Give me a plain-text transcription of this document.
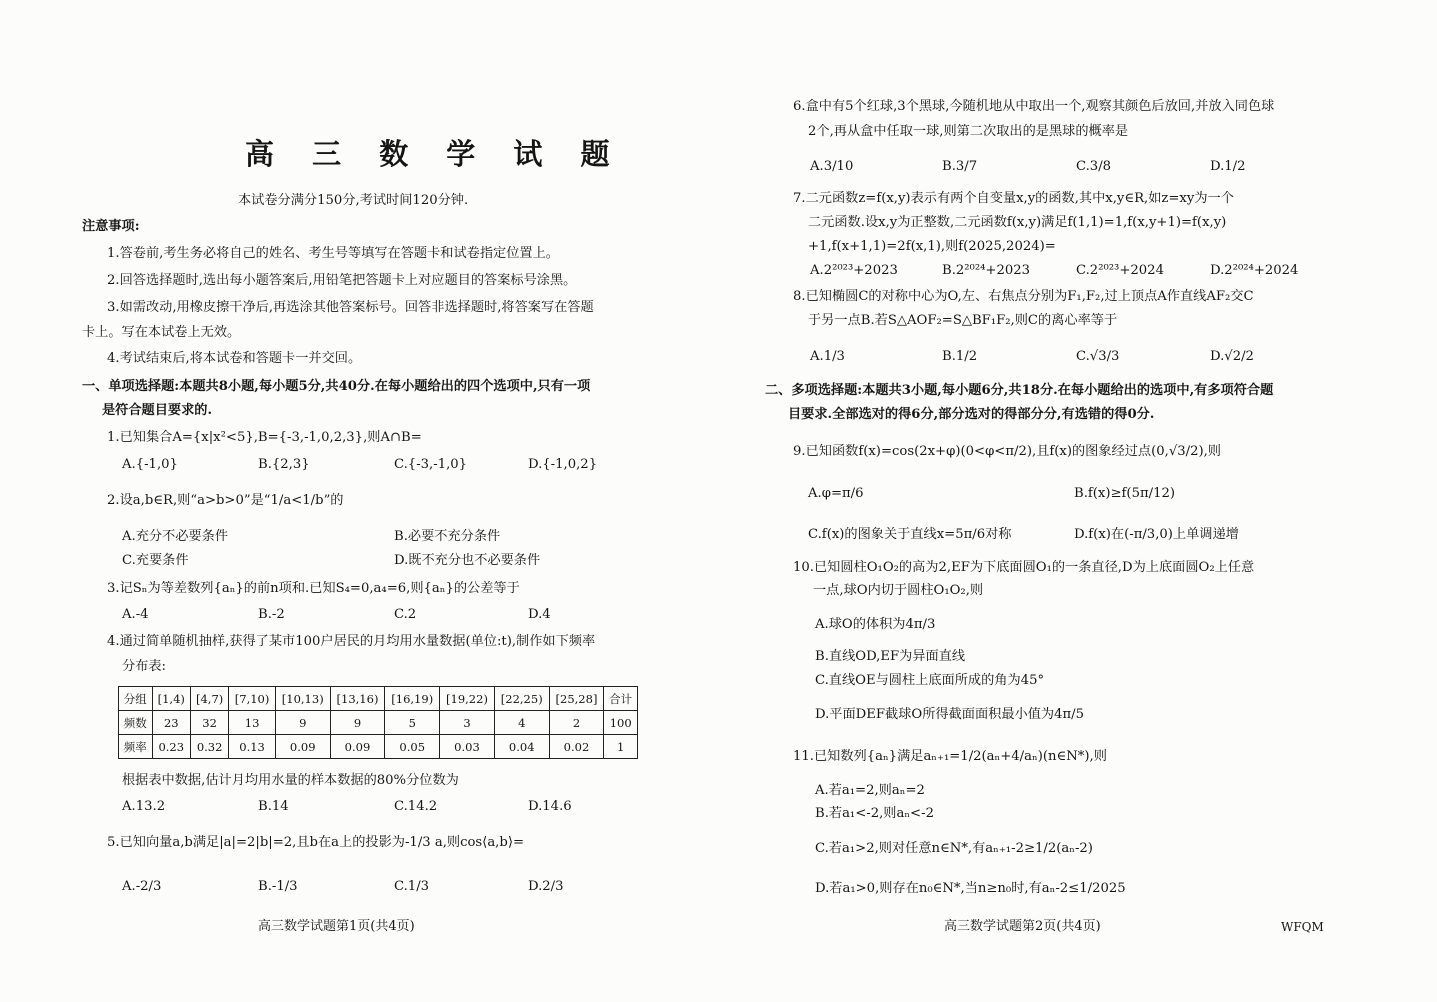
高 三 数 学 试 题
本试卷分满分150分,考试时间120分钟.
注意事项:
1.答卷前,考生务必将自己的姓名、考生号等填写在答题卡和试卷指定位置上。
2.回答选择题时,选出每小题答案后,用铅笔把答题卡上对应题目的答案标号涂黑。
3.如需改动,用橡皮擦干净后,再选涂其他答案标号。回答非选择题时,将答案写在答题
卡上。写在本试卷上无效。
4.考试结束后,将本试卷和答题卡一并交回。
一、单项选择题:本题共8小题,每小题5分,共40分.在每小题给出的四个选项中,只有一项
是符合题目要求的.
1.已知集合A={x|x²<5},B={-3,-1,0,2,3},则A∩B=
A.{-1,0}	B.{2,3}	C.{-3,-1,0}	D.{-1,0,2}
2.设a,b∈R,则“a>b>0”是“1/a<1/b”的
A.充分不必要条件	B.必要不充分条件
C.充要条件	D.既不充分也不必要条件
3.记Sₙ为等差数列{aₙ}的前n项和.已知S₄=0,a₄=6,则{aₙ}的公差等于
A.-4	B.-2	C.2	D.4
4.通过简单随机抽样,获得了某市100户居民的月均用水量数据(单位:t),制作如下频率
分布表:
分组	[1,4)	[4,7)	[7,10)	[10,13)	[13,16)	[16,19)	[19,22)	[22,25)	[25,28]	合计
频数	23	32	13	9	9	5	3	4	2	100
频率	0.23	0.32	0.13	0.09	0.09	0.05	0.03	0.04	0.02	1
根据表中数据,估计月均用水量的样本数据的80%分位数为
A.13.2	B.14	C.14.2	D.14.6
5.已知向量a,b满足|a|=2|b|=2,且b在a上的投影为-1/3 a,则cos⟨a,b⟩=
A.-2/3	B.-1/3	C.1/3	D.2/3
高三数学试题第1页(共4页)
6.盒中有5个红球,3个黑球,今随机地从中取出一个,观察其颜色后放回,并放入同色球
2个,再从盒中任取一球,则第二次取出的是黑球的概率是
A.3/10	B.3/7	C.3/8	D.1/2
7.二元函数z=f(x,y)表示有两个自变量x,y的函数,其中x,y∈R,如z=xy为一个
二元函数.设x,y为正整数,二元函数f(x,y)满足f(1,1)=1,f(x,y+1)=f(x,y)
+1,f(x+1,1)=2f(x,1),则f(2025,2024)=
A.2²⁰²³+2023	B.2²⁰²⁴+2023	C.2²⁰²³+2024	D.2²⁰²⁴+2024
8.已知椭圆C的对称中心为O,左、右焦点分别为F₁,F₂,过上顶点A作直线AF₂交C
于另一点B.若S△AOF₂=S△BF₁F₂,则C的离心率等于
A.1/3	B.1/2	C.√3/3	D.√2/2
二、多项选择题:本题共3小题,每小题6分,共18分.在每小题给出的选项中,有多项符合题
目要求.全部选对的得6分,部分选对的得部分分,有选错的得0分.
9.已知函数f(x)=cos(2x+φ)(0<φ<π/2),且f(x)的图象经过点(0,√3/2),则
A.φ=π/6	B.f(x)≥f(5π/12)
C.f(x)的图象关于直线x=5π/6对称	D.f(x)在(-π/3,0)上单调递增
10.已知圆柱O₁O₂的高为2,EF为下底面圆O₁的一条直径,D为上底面圆O₂上任意
一点,球O内切于圆柱O₁O₂,则
A.球O的体积为4π/3
B.直线OD,EF为异面直线
C.直线OE与圆柱上底面所成的角为45°
D.平面DEF截球O所得截面面积最小值为4π/5
11.已知数列{aₙ}满足aₙ₊₁=1/2(aₙ+4/aₙ)(n∈N*),则
A.若a₁=2,则aₙ=2
B.若a₁<-2,则aₙ<-2
C.若a₁>2,则对任意n∈N*,有aₙ₊₁-2≥1/2(aₙ-2)
D.若a₁>0,则存在n₀∈N*,当n≥n₀时,有aₙ-2≤1/2025
高三数学试题第2页(共4页)	WFQM
